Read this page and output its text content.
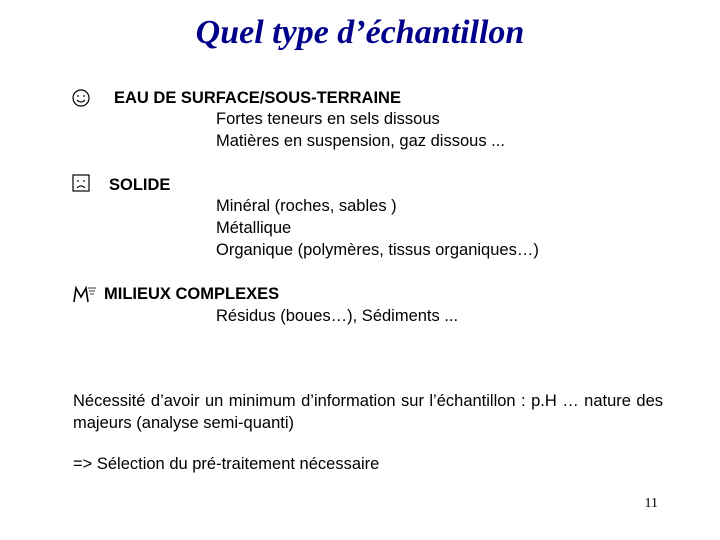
Quel type d’échantillon
EAU DE SURFACE/SOUS-TERRAINE
Fortes teneurs en sels dissous
Matières en suspension, gaz dissous ...
SOLIDE
Minéral (roches, sables )
Métallique
Organique (polymères, tissus organiques…)
MILIEUX COMPLEXES
Résidus (boues…), Sédiments ...
Nécessité d’avoir un minimum d’information sur l’échantillon : p.H … nature des majeurs (analyse semi-quanti)
=> Sélection du pré-traitement nécessaire
11
